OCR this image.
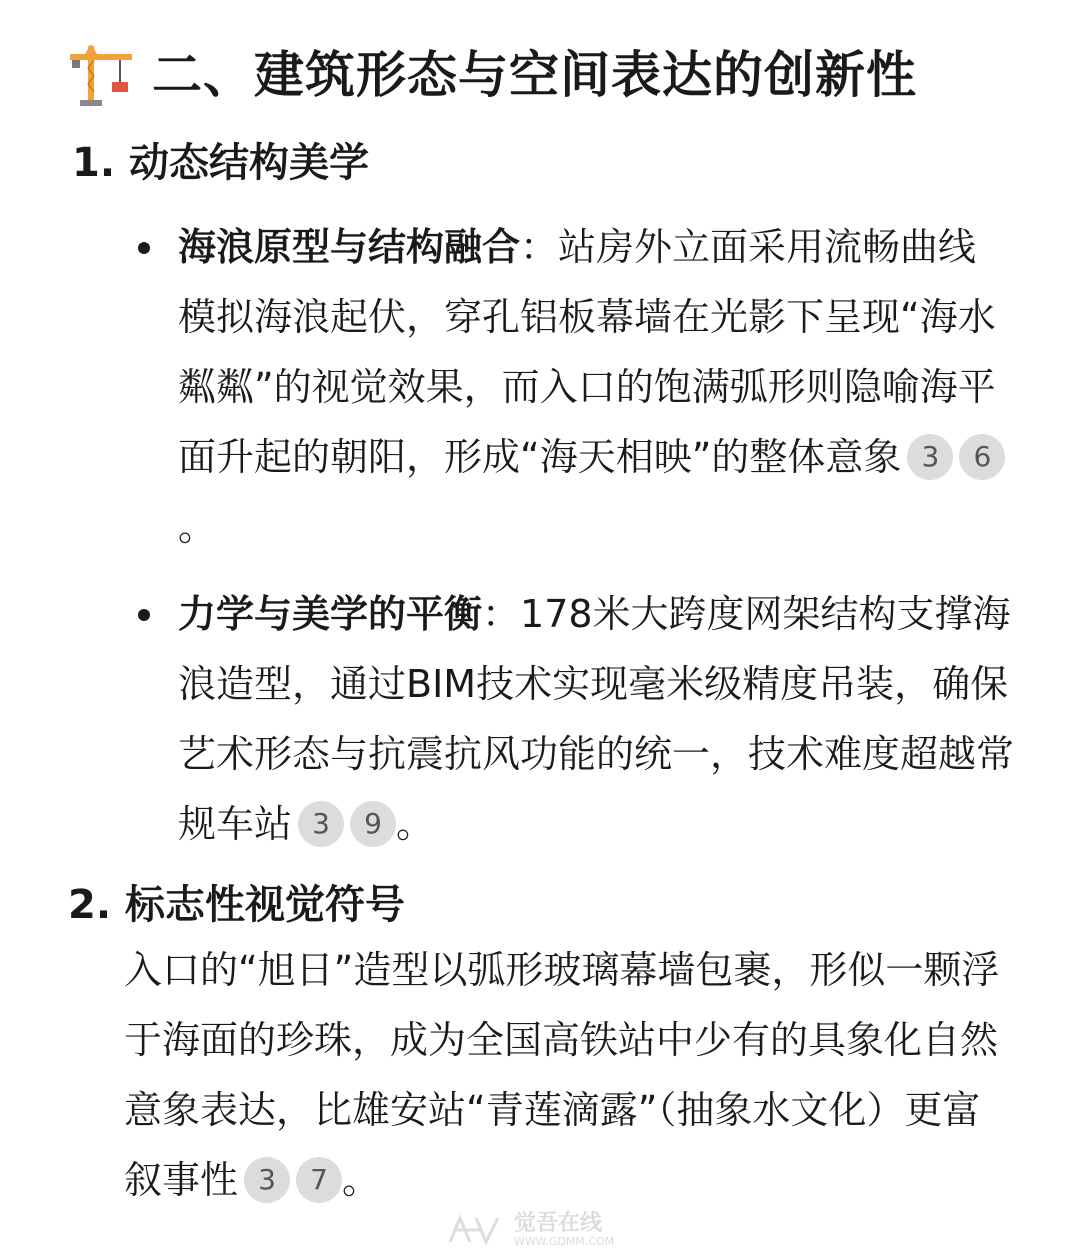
二、建筑形态与空间表达的创新性
1. 动态结构美学

海浪原型与结构融合：站房外立面采用流畅曲线模拟海浪起伏，穿孔铝板幕墙在光影下呈现“海水粼粼”的视觉效果，而入口的饱满弧形则隐喻海平面升起的朝阳，形成“海天相映”的整体意象 3 6。

力学与美学的平衡：178米大跨度网架结构支撑海浪造型，通过BIM技术实现毫米级精度吊装，确保艺术形态与抗震抗风功能的统一，技术难度超越常规车站 3 9 。

2. 标志性视觉符号

入口的“旭日”造型以弧形玻璃幕墙包裹，形似一颗浮于海面的珍珠，成为全国高铁站中少有的具象化自然意象表达，比雄安站“青莲滴露”（抽象水文化）更富叙事性 3 7 。

觉吾在线
WWW.GDMM.COM
